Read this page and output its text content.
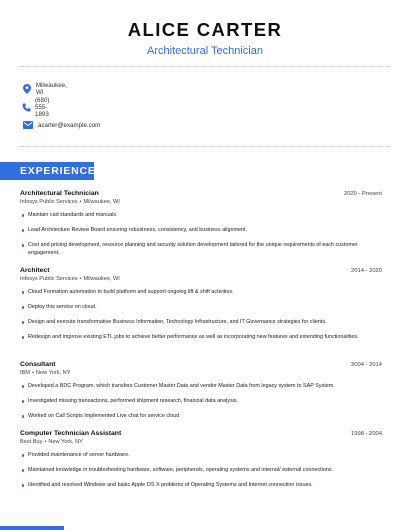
ALICE CARTER
Architectural Technician
Milwaukee, WI
(680) 555-1893
acarter@example.com
EXPERIENCE
Architectural Technician	2020 - Present
Infosys Public Services • Milwaukee, WI
Maintain cad standards and manuals.
Lead Architecture Review Board ensuring robustness, consistency, and business alignment.
Cost and pricing development, resource planning and security solution development tailored for the unique requirements of each customer engagement.
Architect	2014 - 2020
Infosys Public Services • Milwaukee, WI
Cloud Formation automation to build platform and support ongoing lift & shift activities.
Deploy this service on cloud.
Design and execute transformative Business Information, Technology Infrastructure, and IT Governance strategies for clients.
Redesign and improve existing ETL jobs to achieve better performance as well as incorporating new features and extending functionalities.
Consultant	2004 - 2014
IBM • New York, NY
Developed a BDC Program, which transfers Customer Master Data and vendor Master Data from legacy system to SAP System.
Investigated missing transactions, performed shipment research, financial data analysis.
Worked on Call Scripts Implemented Live chat for service cloud
Computer Technician Assistant	1998 - 2004
Best Buy • New York, NY
Provided maintenance of server hardware.
Maintained knowledge in troubleshooting hardware, software, peripherals, operating systems and internal/ external connections.
Identified and resolved Windows and basic Apple OS X problems of Operating Systems and Internet connection issues.
